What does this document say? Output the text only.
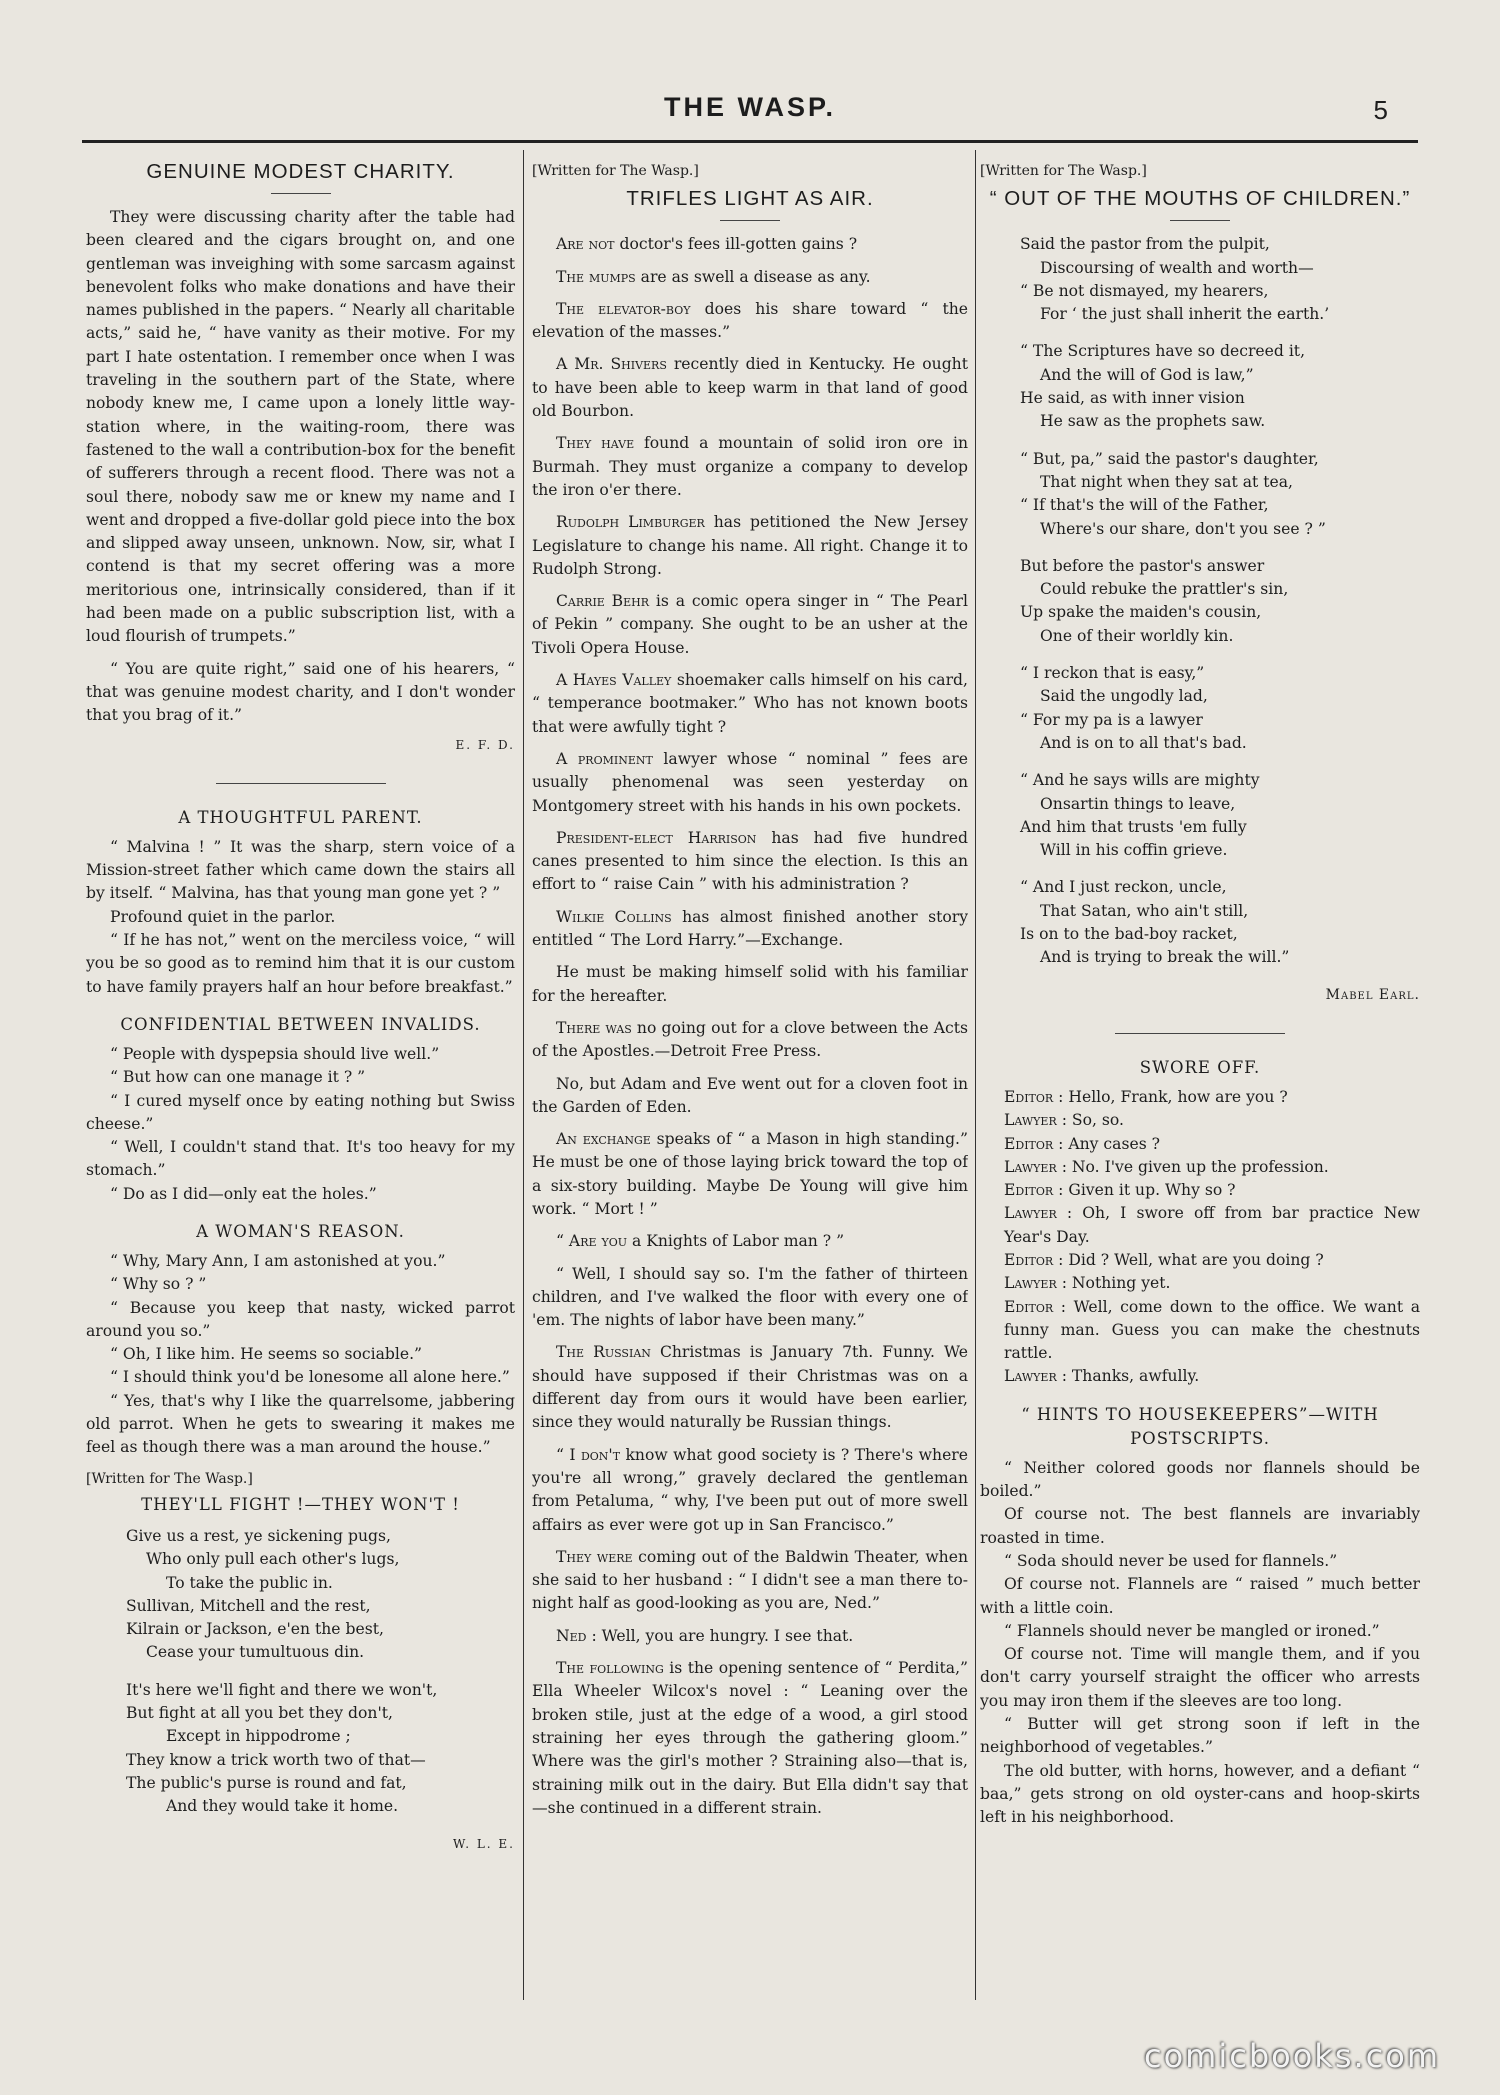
THE WASP.	5
GENUINE MODEST CHARITY.

They were discussing charity after the table had been cleared and the cigars brought on, and one gentleman was inveighing with some sarcasm against benevolent folks who make donations and have their names published in the papers. “ Nearly all charitable acts,” said he, “ have vanity as their motive. For my part I hate ostentation. I remember once when I was traveling in the southern part of the State, where nobody knew me, I came upon a lonely little way-station where, in the waiting-room, there was fastened to the wall a contribution-box for the benefit of sufferers through a recent flood. There was not a soul there, nobody saw me or knew my name and I went and dropped a five-dollar gold piece into the box and slipped away unseen, unknown. Now, sir, what I contend is that my secret offering was a more meritorious one, intrinsically considered, than if it had been made on a public subscription list, with a loud flourish of trumpets.”

“ You are quite right,” said one of his hearers, “ that was genuine modest charity, and I don't wonder that you brag of it.”

E. F. D.
A THOUGHTFUL PARENT.

“ Malvina ! ” It was the sharp, stern voice of a Mission-street father which came down the stairs all by itself. “ Malvina, has that young man gone yet ? ”

Profound quiet in the parlor.

“ If he has not,” went on the merciless voice, “ will you be so good as to remind him that it is our custom to have family prayers half an hour before breakfast.”

CONFIDENTIAL BETWEEN INVALIDS.

“ People with dyspepsia should live well.”

“ But how can one manage it ? ”

“ I cured myself once by eating nothing but Swiss cheese.”

“ Well, I couldn't stand that. It's too heavy for my stomach.”

“ Do as I did—only eat the holes.”

A WOMAN'S REASON.

“ Why, Mary Ann, I am astonished at you.”

“ Why so ? ”

“ Because you keep that nasty, wicked parrot around you so.”

“ Oh, I like him. He seems so sociable.”

“ I should think you'd be lonesome all alone here.”

“ Yes, that's why I like the quarrelsome, jabbering old parrot. When he gets to swearing it makes me feel as though there was a man around the house.”

[Written for The Wasp.]
THEY'LL FIGHT !—THEY WON'T !
Give us a rest, ye sickening pugs,
Who only pull each other's lugs,
To take the public in.
Sullivan, Mitchell and the rest,
Kilrain or Jackson, e'en the best,
Cease your tumultuous din.
It's here we'll fight and there we won't,
But fight at all you bet they don't,
Except in hippodrome ;
They know a trick worth two of that—
The public's purse is round and fat,
And they would take it home.
W. L. E.
[Written for The Wasp.]
TRIFLES LIGHT AS AIR.

Are not doctor's fees ill-gotten gains ?

The mumps are as swell a disease as any.

The elevator-boy does his share toward “ the elevation of the masses.”

A Mr. Shivers recently died in Kentucky. He ought to have been able to keep warm in that land of good old Bourbon.

They have found a mountain of solid iron ore in Burmah. They must organize a company to develop the iron o'er there.

Rudolph Limburger has petitioned the New Jersey Legislature to change his name. All right. Change it to Rudolph Strong.

Carrie Behr is a comic opera singer in “ The Pearl of Pekin ” company. She ought to be an usher at the Tivoli Opera House.

A Hayes Valley shoemaker calls himself on his card, “ temperance bootmaker.” Who has not known boots that were awfully tight ?

A prominent lawyer whose “ nominal ” fees are usually phenomenal was seen yesterday on Montgomery street with his hands in his own pockets.

President-elect Harrison has had five hundred canes presented to him since the election. Is this an effort to “ raise Cain ” with his administration ?

Wilkie Collins has almost finished another story entitled “ The Lord Harry.”—Exchange.

He must be making himself solid with his familiar for the hereafter.

There was no going out for a clove between the Acts of the Apostles.—Detroit Free Press.

No, but Adam and Eve went out for a cloven foot in the Garden of Eden.

An exchange speaks of “ a Mason in high standing.” He must be one of those laying brick toward the top of a six-story building. Maybe De Young will give him work. “ Mort ! ”

“ Are you a Knights of Labor man ? ”

“ Well, I should say so. I'm the father of thirteen children, and I've walked the floor with every one of 'em. The nights of labor have been many.”

The Russian Christmas is January 7th. Funny. We should have supposed if their Christmas was on a different day from ours it would have been earlier, since they would naturally be Russian things.

“ I don't know what good society is ? There's where you're all wrong,” gravely declared the gentleman from Petaluma, “ why, I've been put out of more swell affairs as ever were got up in San Francisco.”

They were coming out of the Baldwin Theater, when she said to her husband : “ I didn't see a man there to-night half as good-looking as you are, Ned.”

Ned : Well, you are hungry. I see that.

The following is the opening sentence of “ Perdita,” Ella Wheeler Wilcox's novel : “ Leaning over the broken stile, just at the edge of a wood, a girl stood straining her eyes through the gathering gloom.” Where was the girl's mother ? Straining also—that is, straining milk out in the dairy. But Ella didn't say that—she continued in a different strain.

[Written for The Wasp.]
“ OUT OF THE MOUTHS OF CHILDREN.”
Said the pastor from the pulpit,
Discoursing of wealth and worth—
“ Be not dismayed, my hearers,
For ‘ the just shall inherit the earth.’
“ The Scriptures have so decreed it,
And the will of God is law,”
He said, as with inner vision
He saw as the prophets saw.
“ But, pa,” said the pastor's daughter,
That night when they sat at tea,
“ If that's the will of the Father,
Where's our share, don't you see ? ”
But before the pastor's answer
Could rebuke the prattler's sin,
Up spake the maiden's cousin,
One of their worldly kin.
“ I reckon that is easy,”
Said the ungodly lad,
“ For my pa is a lawyer
And is on to all that's bad.
“ And he says wills are mighty
Onsartin things to leave,
And him that trusts 'em fully
Will in his coffin grieve.
“ And I just reckon, uncle,
That Satan, who ain't still,
Is on to the bad-boy racket,
And is trying to break the will.”
Mabel Earl.
SWORE OFF.

Editor : Hello, Frank, how are you ?

Lawyer : So, so.

Editor : Any cases ?

Lawyer : No. I've given up the profession.

Editor : Given it up. Why so ?

Lawyer : Oh, I swore off from bar practice New Year's Day.

Editor : Did ? Well, what are you doing ?

Lawyer : Nothing yet.

Editor : Well, come down to the office. We want a funny man. Guess you can make the chestnuts rattle.

Lawyer : Thanks, awfully.

“ HINTS TO HOUSEKEEPERS”—WITH POSTSCRIPTS.

“ Neither colored goods nor flannels should be boiled.”

Of course not. The best flannels are invariably roasted in time.

“ Soda should never be used for flannels.”

Of course not. Flannels are “ raised ” much better with a little coin.

“ Flannels should never be mangled or ironed.”

Of course not. Time will mangle them, and if you don't carry yourself straight the officer who arrests you may iron them if the sleeves are too long.

“ Butter will get strong soon if left in the neighborhood of vegetables.”

The old butter, with horns, however, and a defiant “ baa,” gets strong on old oyster-cans and hoop-skirts left in his neighborhood.

comicbooks.com
